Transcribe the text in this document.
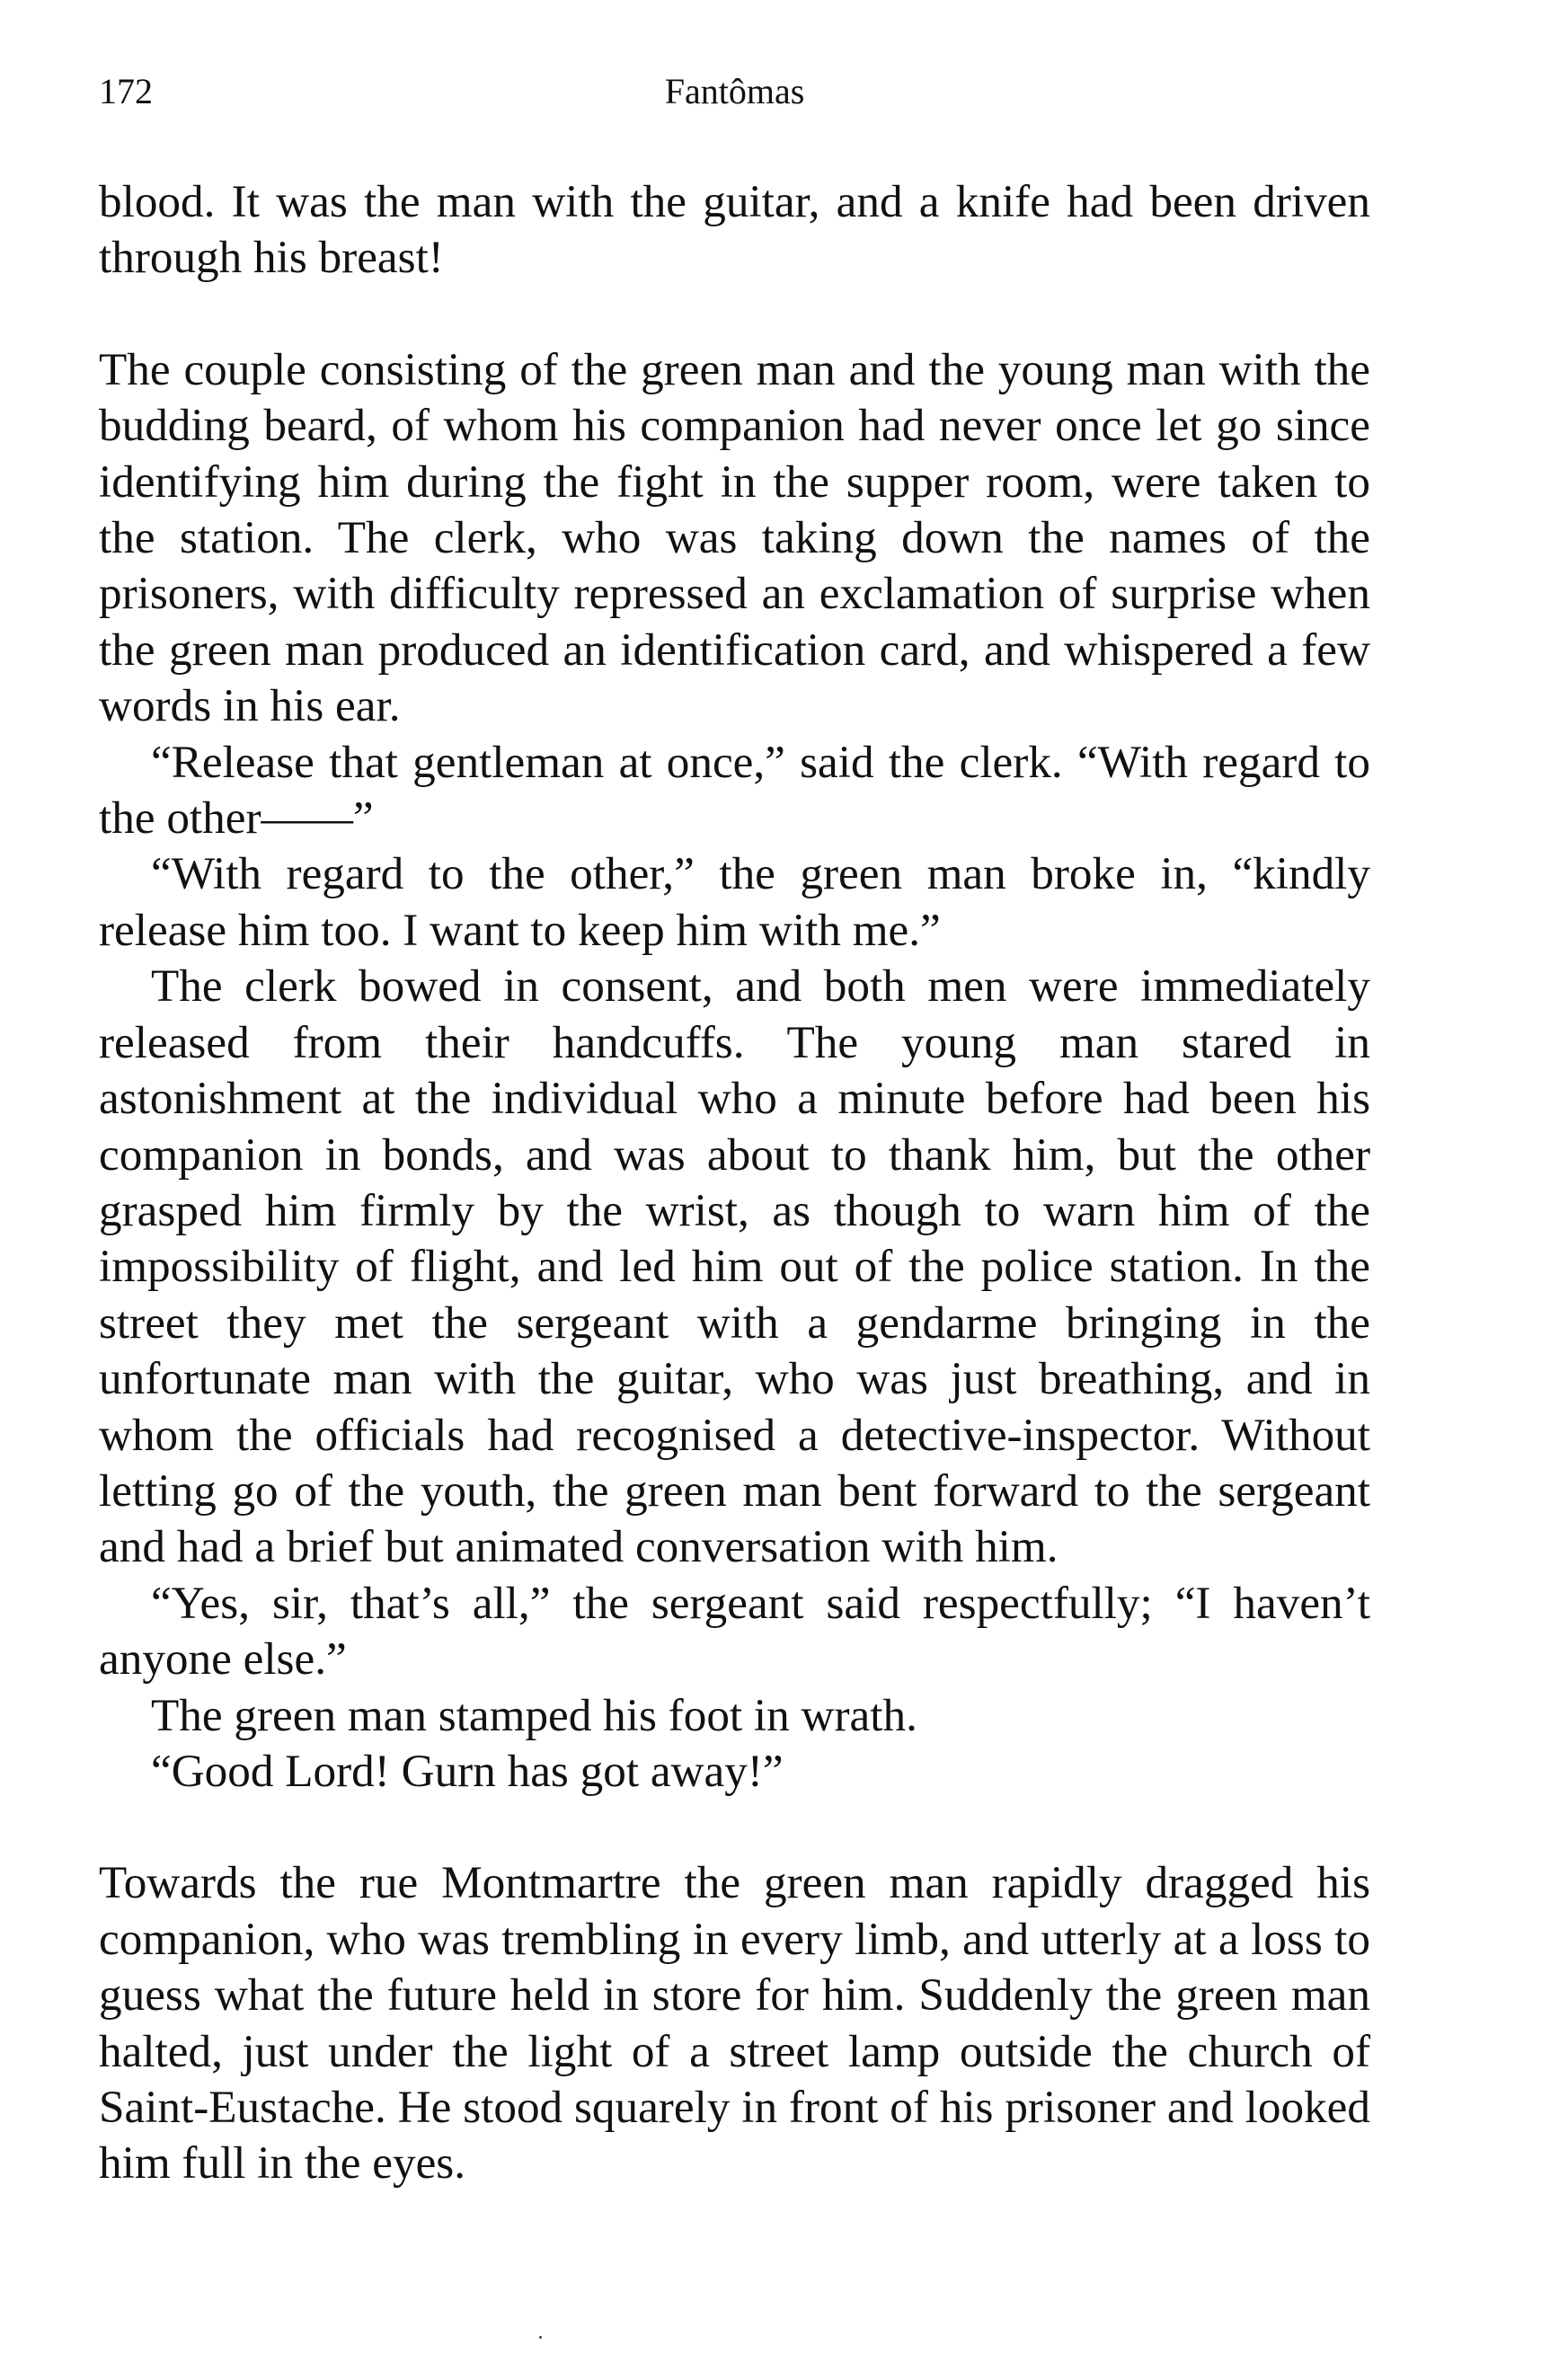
172	Fantômas

blood. It was the man with the guitar, and a knife had been driven through his breast!

The couple consisting of the green man and the young man with the budding beard, of whom his companion had never once let go since identifying him during the fight in the supper room, were taken to the station. The clerk, who was taking down the names of the prisoners, with difficulty repressed an exclamation of surprise when the green man produced an identification card, and whispered a few words in his ear.

“Release that gentleman at once,” said the clerk. “With regard to the other——”

“With regard to the other,” the green man broke in, “kindly release him too. I want to keep him with me.”

The clerk bowed in consent, and both men were immediately released from their handcuffs. The young man stared in astonishment at the individual who a minute before had been his companion in bonds, and was about to thank him, but the other grasped him firmly by the wrist, as though to warn him of the impossibility of flight, and led him out of the police station. In the street they met the sergeant with a gendarme bringing in the unfortunate man with the guitar, who was just breathing, and in whom the officials had recognised a detective-inspector. Without letting go of the youth, the green man bent forward to the sergeant and had a brief but animated conversation with him.

“Yes, sir, that’s all,” the sergeant said respectfully; “I haven’t anyone else.”

The green man stamped his foot in wrath.

“Good Lord! Gurn has got away!”

Towards the rue Montmartre the green man rapidly dragged his companion, who was trembling in every limb, and utterly at a loss to guess what the future held in store for him. Suddenly the green man halted, just under the light of a street lamp outside the church of Saint-Eustache. He stood squarely in front of his prisoner and looked him full in the eyes.
